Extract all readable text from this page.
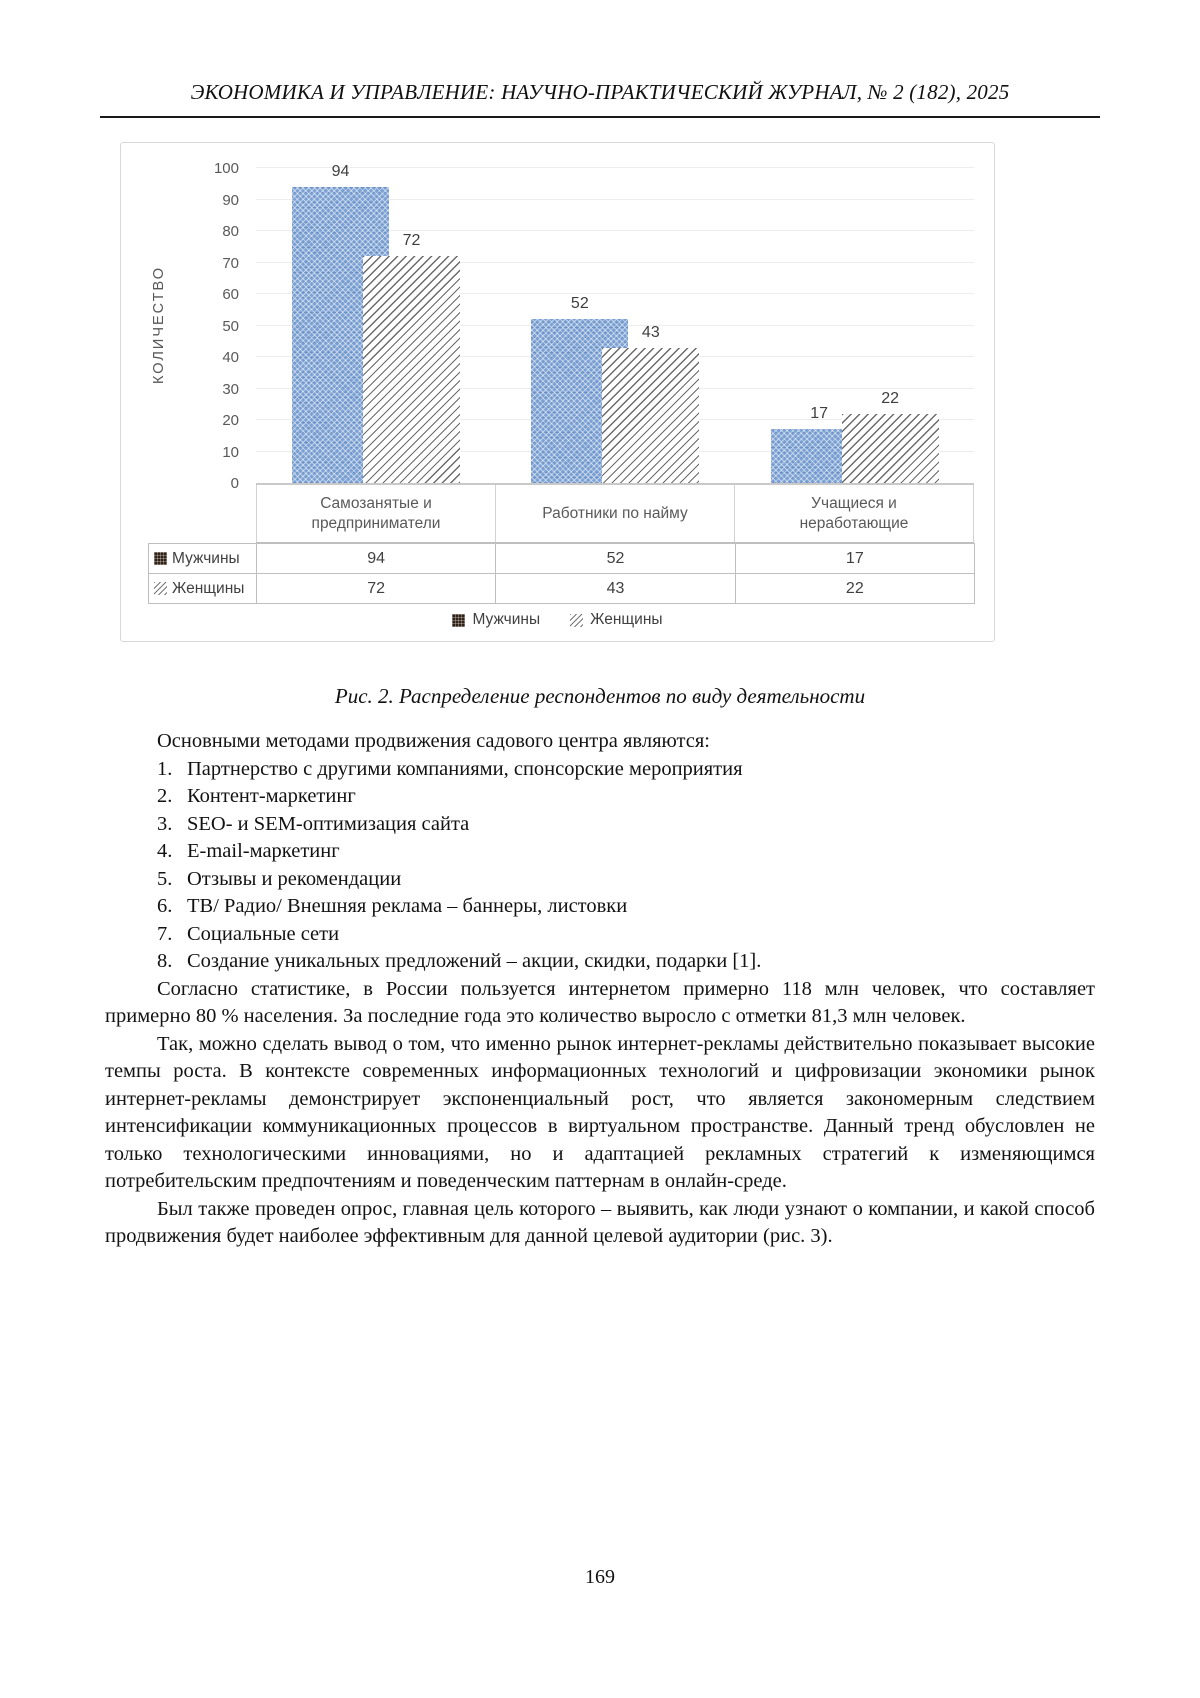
ЭКОНОМИКА И УПРАВЛЕНИЕ: НАУЧНО-ПРАКТИЧЕСКИЙ ЖУРНАЛ, № 2 (182), 2025
КОЛИЧЕСТВО
0
10
20
30
40
50
60
70
80
90
100	94
72
52
43
17
22
Самозанятые и предприниматели
Работники по найму
Учащиеся и неработающие
Мужчины	94	52	17
Женщины	72	43	22
Мужчины	Женщины
Рис. 2. Распределение респондентов по виду деятельности

Основными методами продвижения садового центра являются:

1. Партнерство с другими компаниями, спонсорские мероприятия
2. Контент-маркетинг
3. SEO- и SEM-оптимизация сайта
4. E-mail-маркетинг
5. Отзывы и рекомендации
6. ТВ/ Радио/ Внешняя реклама – баннеры, листовки
7. Социальные сети
8. Создание уникальных предложений – акции, скидки, подарки [1].

Согласно статистике, в России пользуется интернетом примерно 118 млн человек, что составляет примерно 80 % населения. За последние года это количество выросло с отметки 81,3 млн человек.

Так, можно сделать вывод о том, что именно рынок интернет-рекламы действительно показывает высокие темпы роста. В контексте современных информационных технологий и цифровизации экономики рынок интернет-рекламы демонстрирует экспоненциальный рост, что является закономерным следствием интенсификации коммуникационных процессов в виртуальном пространстве. Данный тренд обусловлен не только технологическими инновациями, но и адаптацией рекламных стратегий к изменяющимся потребительским предпочтениям и поведенческим паттернам в онлайн-среде.

Был также проведен опрос, главная цель которого – выявить, как люди узнают о компании, и какой способ продвижения будет наиболее эффективным для данной целевой аудитории (рис. 3).

169
